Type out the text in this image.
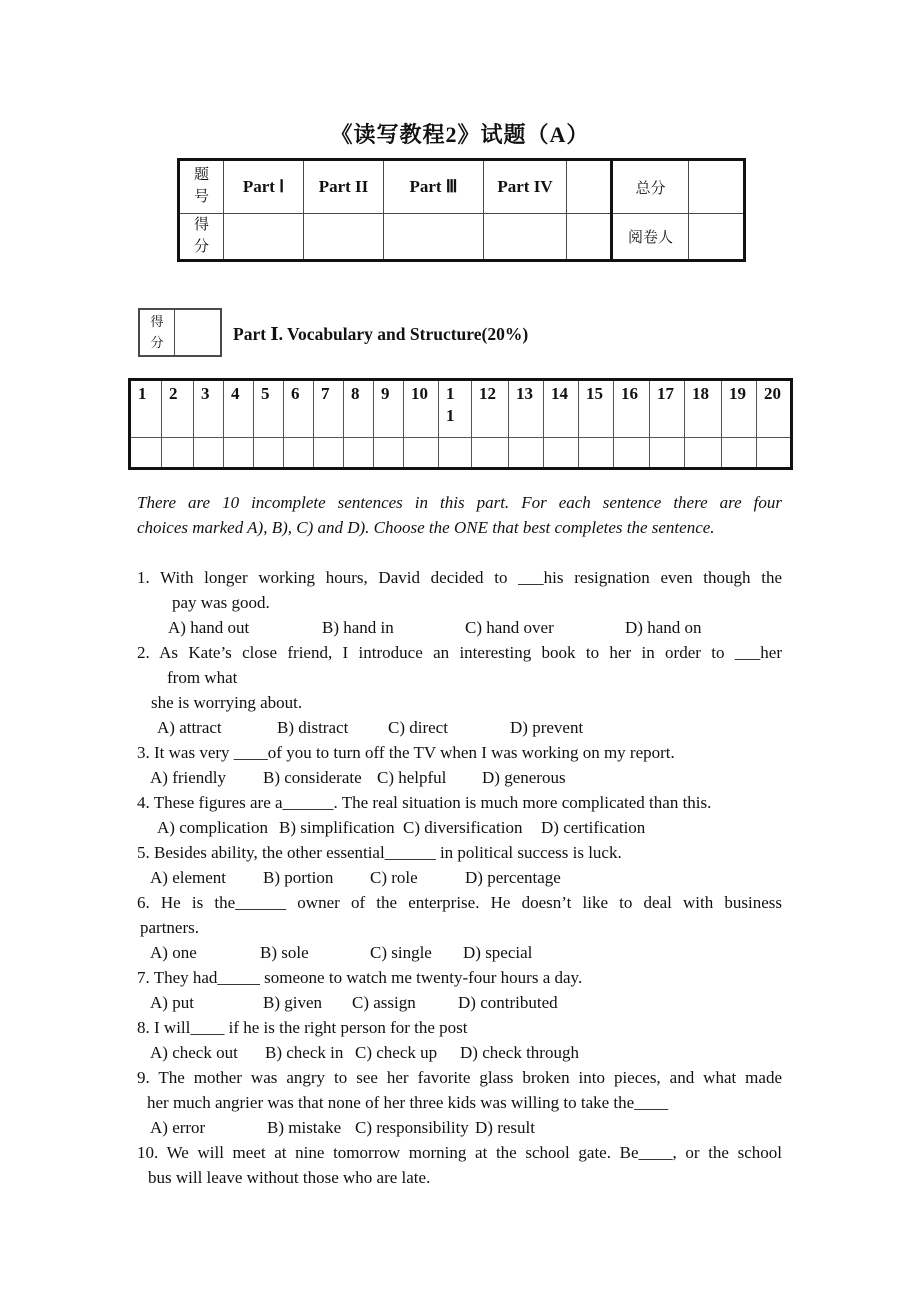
《读写教程2》试题（A）
题号	Part Ⅰ	Part II	Part Ⅲ	Part IV		总分	
得分						阅卷人	
得分	Part Ⅰ. Vocabulary and Structure(20%)
1	2	3	4	5	6	7	8	9	10	11	12	13	14	15	16	17	18	19	20

There are 10 incomplete sentences in this part. For each sentence there are four
choices marked A), B), C) and D). Choose the ONE that best completes the sentence.
1. With longer working hours, David decided to ___his resignation even though the
pay was good.
A) hand out	B) hand in	C) hand over	D) hand on
2. As Kate’s close friend, I introduce an interesting book to her in order to ___her
from what
she is worrying about.
A) attract	B) distract	C) direct	D) prevent
3. It was very ____of you to turn off the TV when I was working on my report.
A) friendly	B) considerate C) helpful	D) generous
4. These figures are a______. The real situation is much more complicated than this.
A) complication B) simplification C) diversification	D) certification
5. Besides ability, the other essential______ in political success is luck.
A) element	B) portion	C) role	D) percentage
6. He is the______ owner of the enterprise. He doesn’t like to deal with business
partners.
A) one	B) sole	C) single	D) special
7. They had_____ someone to watch me twenty-four hours a day.
A) put	B) given	C) assign	D) contributed
8. I will____ if he is the right person for the post
A) check out	B) check in C) check up	D) check through
9. The mother was angry to see her favorite glass broken into pieces, and what made
her much angrier was that none of her three kids was willing to take the____
A) error	B) mistake C) responsibility D) result
10. We will meet at nine tomorrow morning at the school gate. Be____, or the school
bus will leave without those who are late.
